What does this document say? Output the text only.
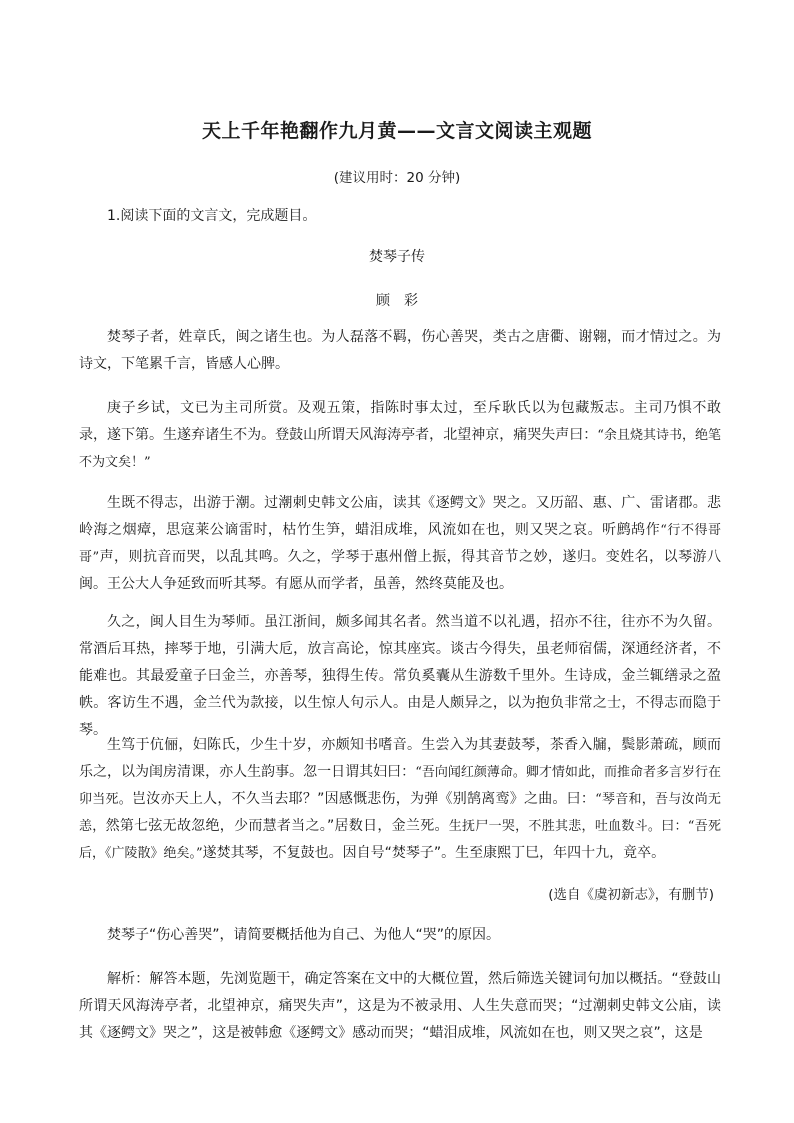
天上千年艳翻作九月黄——文言文阅读主观题

(建议用时：20 分钟)

1.阅读下面的文言文，完成题目。

焚琴子传

顾彩

焚琴子者，姓章氏，闽之诸生也。为人磊落不羁，伤心善哭，类古之唐衢、谢翱，而才情过之。为诗文，下笔累千言，皆感人心脾。

庚子乡试，文已为主司所赏。及观五策，指陈时事太过，至斥耿氏以为包藏叛志。主司乃惧不敢录，遂下第。生遂弃诸生不为。登鼓山所谓天风海涛亭者，北望神京，痛哭失声曰：“余且烧其诗书，绝笔不为文矣！”

生既不得志，出游于潮。过潮刺史韩文公庙，读其《逐鳄文》哭之。又历韶、惠、广、雷诸郡。悲岭海之烟瘴，思寇莱公谪雷时，枯竹生笋，蜡泪成堆，风流如在也，则又哭之哀。听鹧鸪作“行不得哥哥”声，则抗音而哭，以乱其鸣。久之，学琴于惠州僧上振，得其音节之妙，遂归。变姓名，以琴游八闽。王公大人争延致而听其琴。有愿从而学者，虽善，然终莫能及也。

久之，闽人目生为琴师。虽江浙间，颇多闻其名者。然当道不以礼遇，招亦不往，往亦不为久留。常酒后耳热，摔琴于地，引满大卮，放言高论，惊其座宾。谈古今得失，虽老师宿儒，深通经济者，不能难也。其最爱童子曰金兰，亦善琴，独得生传。常负奚囊从生游数千里外。生诗成，金兰辄缮录之盈帙。客访生不遇，金兰代为款接，以生惊人句示人。由是人颇异之，以为抱负非常之士，不得志而隐于琴。

生笃于伉俪，妇陈氏，少生十岁，亦颇知书嗜音。生尝入为其妻鼓琴，茶香入牖，鬓影萧疏，顾而乐之，以为闺房清课，亦人生韵事。忽一日谓其妇曰：“吾向闻红颜薄命。卿才情如此，而推命者多言岁行在卯当死。岂汝亦天上人，不久当去耶？”因感慨悲伤，为弹《别鹄离鸾》之曲。曰：“琴音和，吾与汝尚无恙，然第七弦无故忽绝，少而慧者当之。”居数日，金兰死。生抚尸一哭，不胜其悲，吐血数斗。曰：“吾死后，《广陵散》绝矣。”遂焚其琴，不复鼓也。因自号“焚琴子”。生至康熙丁巳，年四十九，竟卒。

(选自《虞初新志》，有删节)

焚琴子“伤心善哭”，请简要概括他为自己、为他人“哭”的原因。

解析：解答本题，先浏览题干，确定答案在文中的大概位置，然后筛选关键词句加以概括。“登鼓山所谓天风海涛亭者，北望神京，痛哭失声”，这是为不被录用、人生失意而哭；“过潮刺史韩文公庙，读其《逐鳄文》哭之”，这是被韩愈《逐鳄文》感动而哭；“蜡泪成堆，风流如在也，则又哭之哀”，这是
